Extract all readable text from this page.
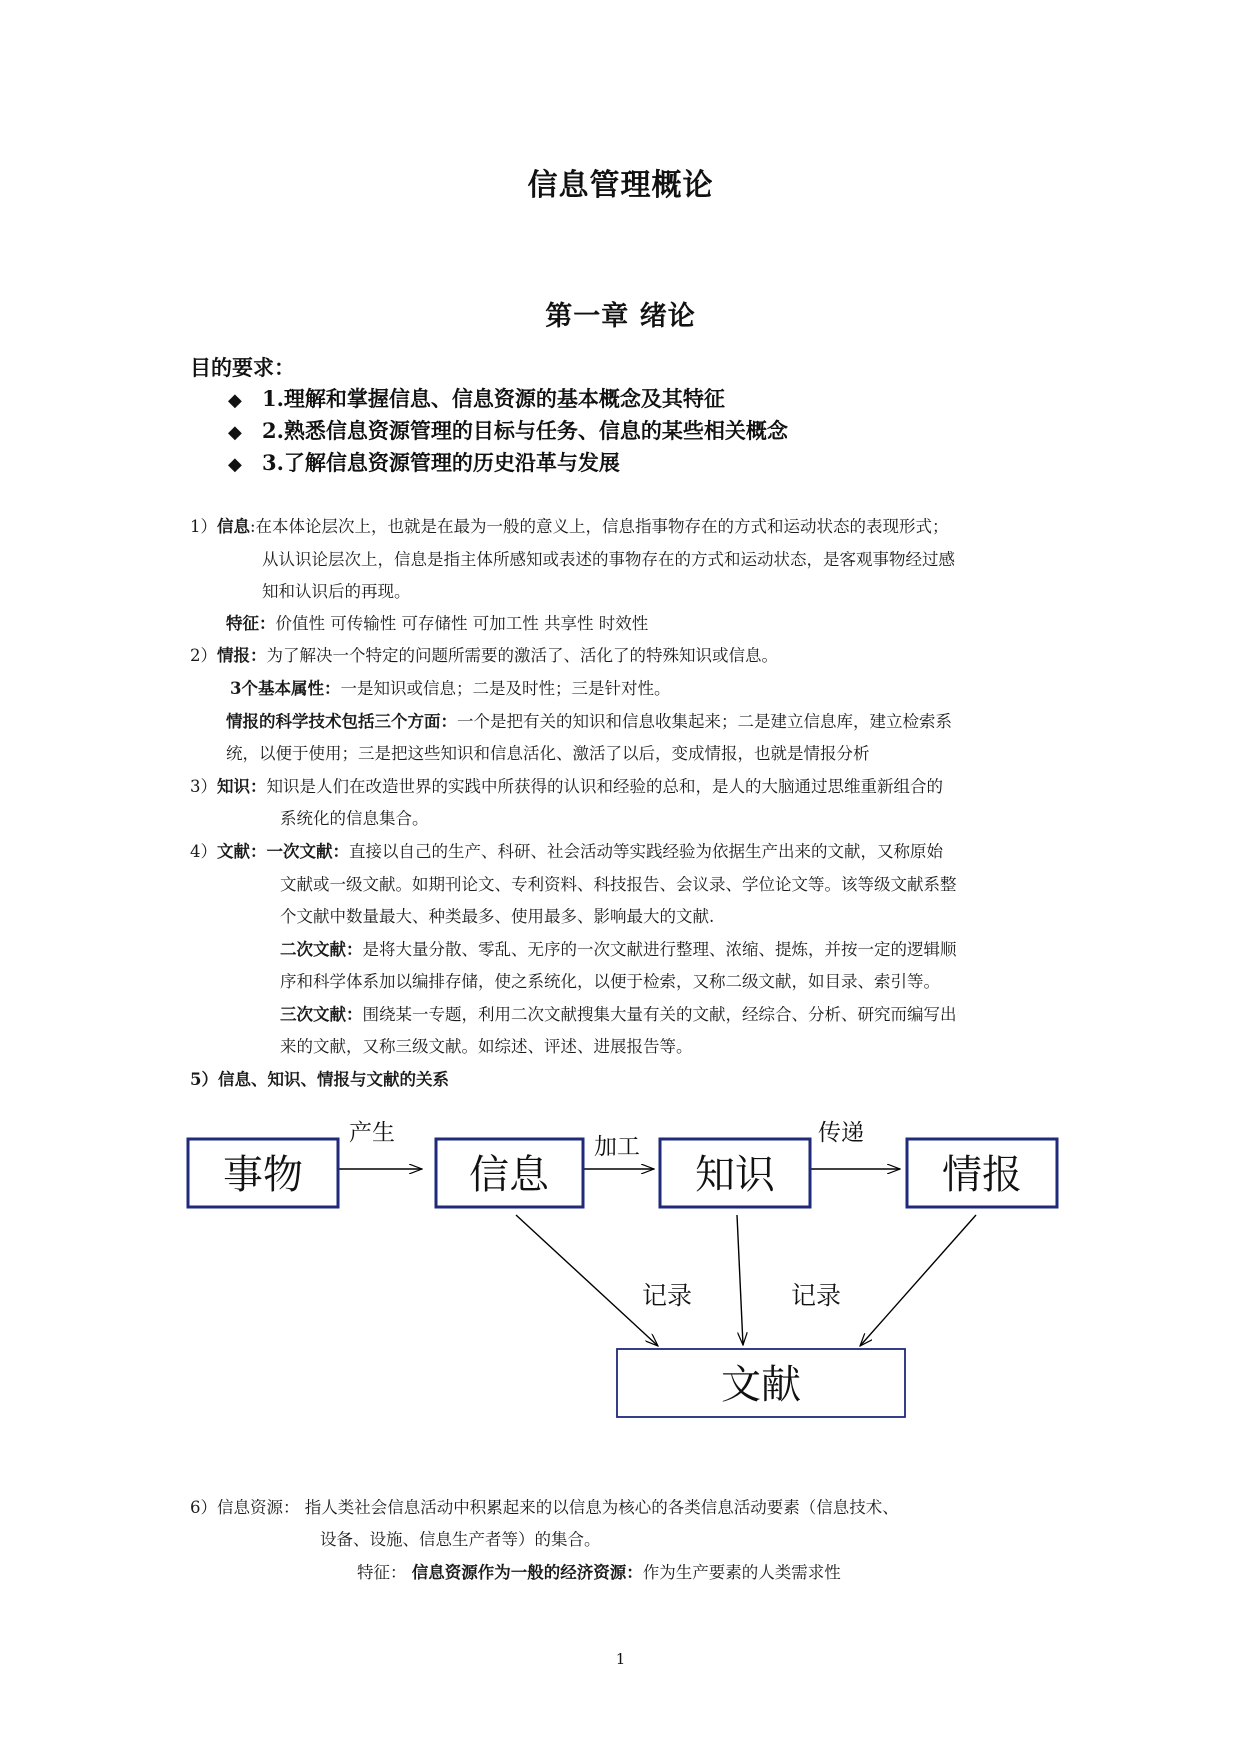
信息管理概论
第一章 绪论
目的要求：
◆ 1.理解和掌握信息、信息资源的基本概念及其特征
◆ 2.熟悉信息资源管理的目标与任务、信息的某些相关概念
◆ 3.了解信息资源管理的历史沿革与发展
1）信息:在本体论层次上，也就是在最为一般的意义上，信息指事物存在的方式和运动状态的表现形式；
从认识论层次上，信息是指主体所感知或表述的事物存在的方式和运动状态，是客观事物经过感
知和认识后的再现。
特征：价值性 可传输性 可存储性 可加工性 共享性 时效性
2）情报：为了解决一个特定的问题所需要的激活了、活化了的特殊知识或信息。
3个基本属性：一是知识或信息；二是及时性；三是针对性。
情报的科学技术包括三个方面：一个是把有关的知识和信息收集起来；二是建立信息库，建立检索系
统，以便于使用；三是把这些知识和信息活化、激活了以后，变成情报，也就是情报分析
3）知识：知识是人们在改造世界的实践中所获得的认识和经验的总和，是人的大脑通过思维重新组合的
系统化的信息集合。
4）文献：一次文献：直接以自己的生产、科研、社会活动等实践经验为依据生产出来的文献，又称原始
文献或一级文献。如期刊论文、专利资料、科技报告、会议录、学位论文等。该等级文献系整
个文献中数量最大、种类最多、使用最多、影响最大的文献.
二次文献：是将大量分散、零乱、无序的一次文献进行整理、浓缩、提炼，并按一定的逻辑顺
序和科学体系加以编排存储，使之系统化，以便于检索，又称二级文献，如目录、索引等。
三次文献：围绕某一专题，利用二次文献搜集大量有关的文献，经综合、分析、研究而编写出
来的文献，又称三级文献。如综述、评述、进展报告等。
5）信息、知识、情报与文献的关系
产生
加工
传递
事物	信息	知识	情报
文献
记录	记录
6）信息资源： 指人类社会信息活动中积累起来的以信息为核心的各类信息活动要素（信息技术、
设备、设施、信息生产者等）的集合。
特征： 信息资源作为一般的经济资源：作为生产要素的人类需求性
1
